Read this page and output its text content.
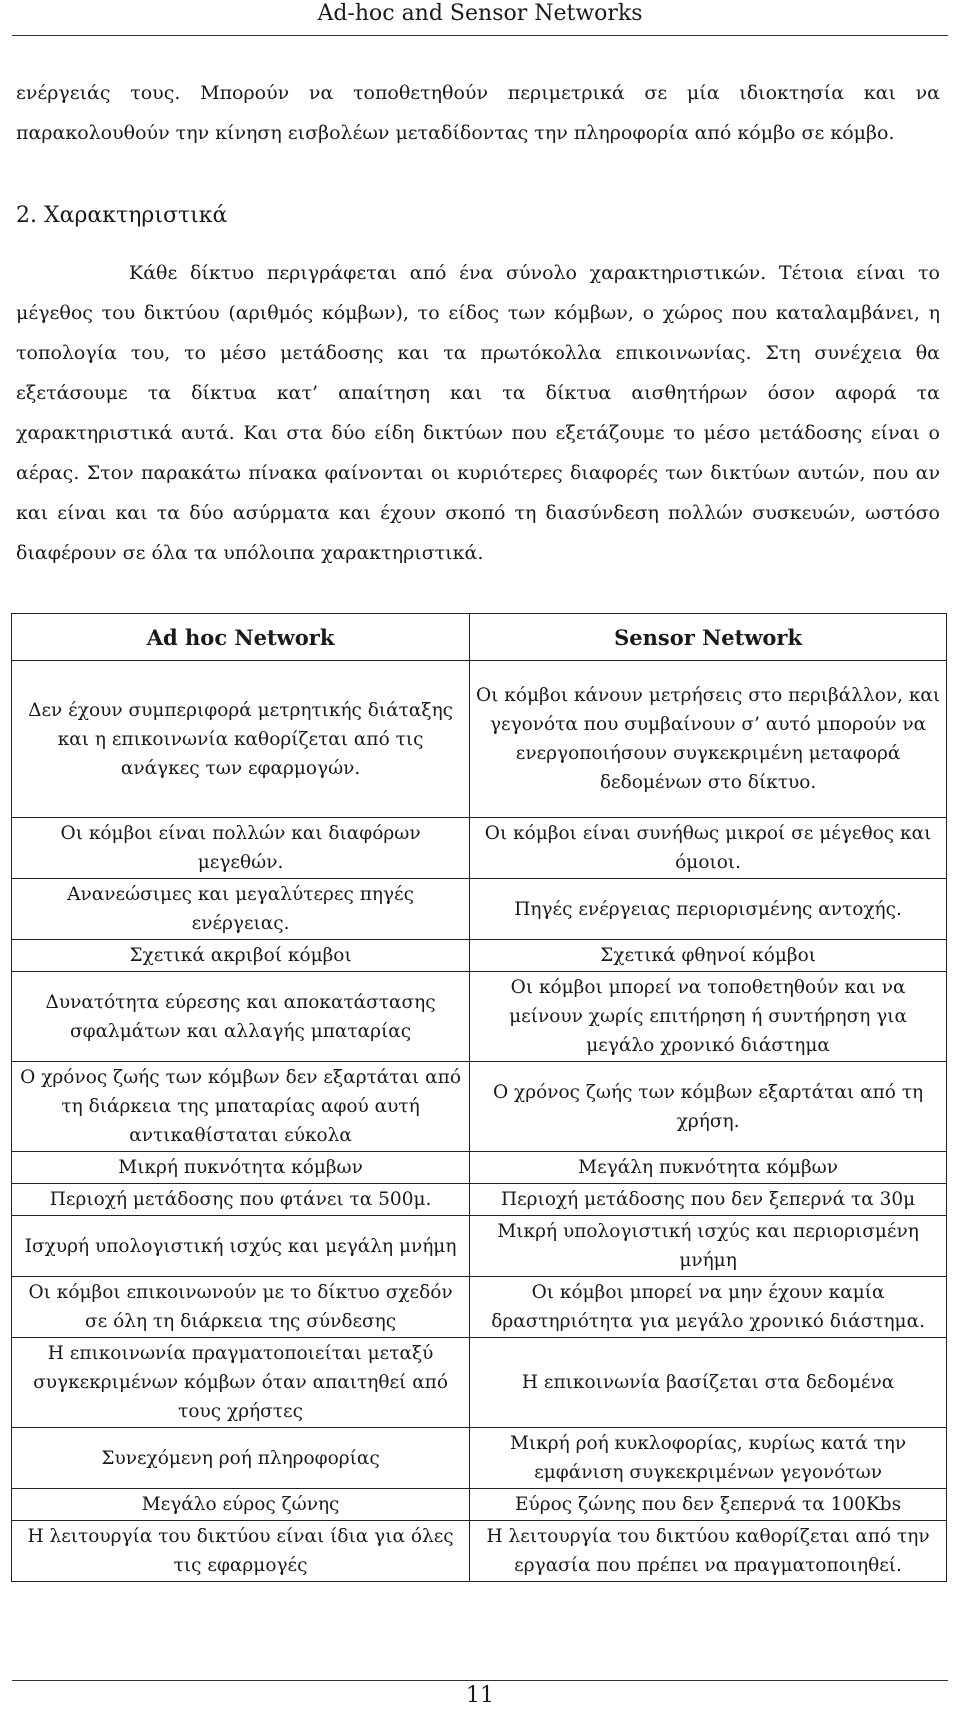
Ad-hoc and Sensor Networks
ενέργειάς τους. Μπορούν να τοποθετηθούν περιμετρικά σε μία ιδιοκτησία και να παρακολουθούν την κίνηση εισβολέων μεταδίδοντας την πληροφορία από κόμβο σε κόμβο.
2. Χαρακτηριστικά
Κάθε δίκτυο περιγράφεται από ένα σύνολο χαρακτηριστικών. Τέτοια είναι το μέγεθος του δικτύου (αριθμός κόμβων), το είδος των κόμβων, ο χώρος που καταλαμβάνει, η τοπολογία του, το μέσο μετάδοσης και τα πρωτόκολλα επικοινωνίας. Στη συνέχεια θα εξετάσουμε τα δίκτυα κατ’ απαίτηση και τα δίκτυα αισθητήρων όσον αφορά τα χαρακτηριστικά αυτά. Και στα δύο είδη δικτύων που εξετάζουμε το μέσο μετάδοσης είναι ο αέρας. Στον παρακάτω πίνακα φαίνονται οι κυριότερες διαφορές των δικτύων αυτών, που αν και είναι και τα δύο ασύρματα και έχουν σκοπό τη διασύνδεση πολλών συσκευών, ωστόσο διαφέρουν σε όλα τα υπόλοιπα χαρακτηριστικά.
Ad hoc Network	Sensor Network
Δεν έχουν συμπεριφορά μετρητικής διάταξης και η επικοινωνία καθορίζεται από τις ανάγκες των εφαρμογών.	Οι κόμβοι κάνουν μετρήσεις στο περιβάλλον, και γεγονότα που συμβαίνουν σ’ αυτό μπορούν να ενεργοποιήσουν συγκεκριμένη μεταφορά δεδομένων στο δίκτυο.
Οι κόμβοι είναι πολλών και διαφόρων μεγεθών.	Οι κόμβοι είναι συνήθως μικροί σε μέγεθος και όμοιοι.
Ανανεώσιμες και μεγαλύτερες πηγές ενέργειας.	Πηγές ενέργειας περιορισμένης αντοχής.
Σχετικά ακριβοί κόμβοι	Σχετικά φθηνοί κόμβοι
Δυνατότητα εύρεσης και αποκατάστασης σφαλμάτων και αλλαγής μπαταρίας	Οι κόμβοι μπορεί να τοποθετηθούν και να μείνουν χωρίς επιτήρηση ή συντήρηση για μεγάλο χρονικό διάστημα
Ο χρόνος ζωής των κόμβων δεν εξαρτάται από τη διάρκεια της μπαταρίας αφού αυτή αντικαθίσταται εύκολα	Ο χρόνος ζωής των κόμβων εξαρτάται από τη χρήση.
Μικρή πυκνότητα κόμβων	Μεγάλη πυκνότητα κόμβων
Περιοχή μετάδοσης που φτάνει τα 500μ.	Περιοχή μετάδοσης που δεν ξεπερνά τα 30μ
Ισχυρή υπολογιστική ισχύς και μεγάλη μνήμη	Μικρή υπολογιστική ισχύς και περιορισμένη μνήμη
Οι κόμβοι επικοινωνούν με το δίκτυο σχεδόν σε όλη τη διάρκεια της σύνδεσης	Οι κόμβοι μπορεί να μην έχουν καμία δραστηριότητα για μεγάλο χρονικό διάστημα.
Η επικοινωνία πραγματοποιείται μεταξύ συγκεκριμένων κόμβων όταν απαιτηθεί από τους χρήστες	Η επικοινωνία βασίζεται στα δεδομένα
Συνεχόμενη ροή πληροφορίας	Μικρή ροή κυκλοφορίας, κυρίως κατά την εμφάνιση συγκεκριμένων γεγονότων
Μεγάλο εύρος ζώνης	Εύρος ζώνης που δεν ξεπερνά τα 100Kbs
Η λειτουργία του δικτύου είναι ίδια για όλες τις εφαρμογές	Η λειτουργία του δικτύου καθορίζεται από την εργασία που πρέπει να πραγματοποιηθεί.
11
